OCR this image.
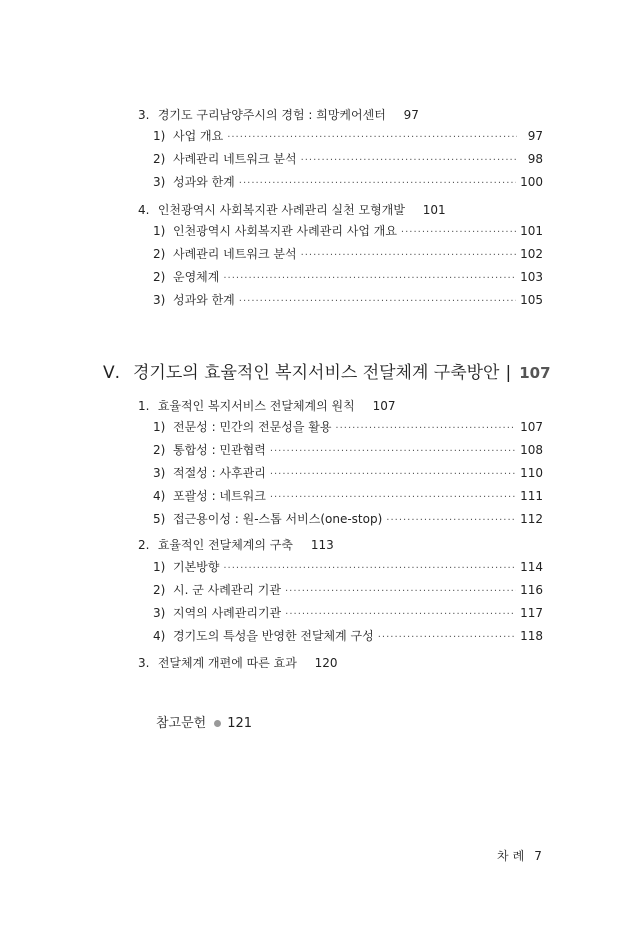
3. 경기도 구리남양주시의 경험 : 희망케어센터 97
1) 사업 개요 ·····	97
2) 사례관리 네트워크 분석 ·····	98
3) 성과와 한계 ·····	100
4. 인천광역시 사회복지관 사례관리 실천 모형개발 101
1) 인천광역시 사회복지관 사례관리 사업 개요 ·····	101
2) 사례관리 네트워크 분석 ·····	102
2) 운영체계 ·····	103
3) 성과와 한계 ·····	105
Ⅴ. 경기도의 효율적인 복지서비스 전달체계 구축방안 | 107
1. 효율적인 복지서비스 전달체계의 원칙 107
1) 전문성 : 민간의 전문성을 활용 ·····	107
2) 통합성 : 민관협력 ·····	108
3) 적절성 : 사후관리 ·····	110
4) 포괄성 : 네트워크 ·····	111
5) 접근용이성 : 원-스톱 서비스(one-stop) ·····	112
2. 효율적인 전달체계의 구축 113
1) 기본방향 ·····	114
2) 시. 군 사례관리 기관 ·····	116
3) 지역의 사례관리기관 ·····	117
4) 경기도의 특성을 반영한 전달체계 구성 ·····	118
3. 전달체계 개편에 따른 효과 120
참고문헌 121
차례 7
